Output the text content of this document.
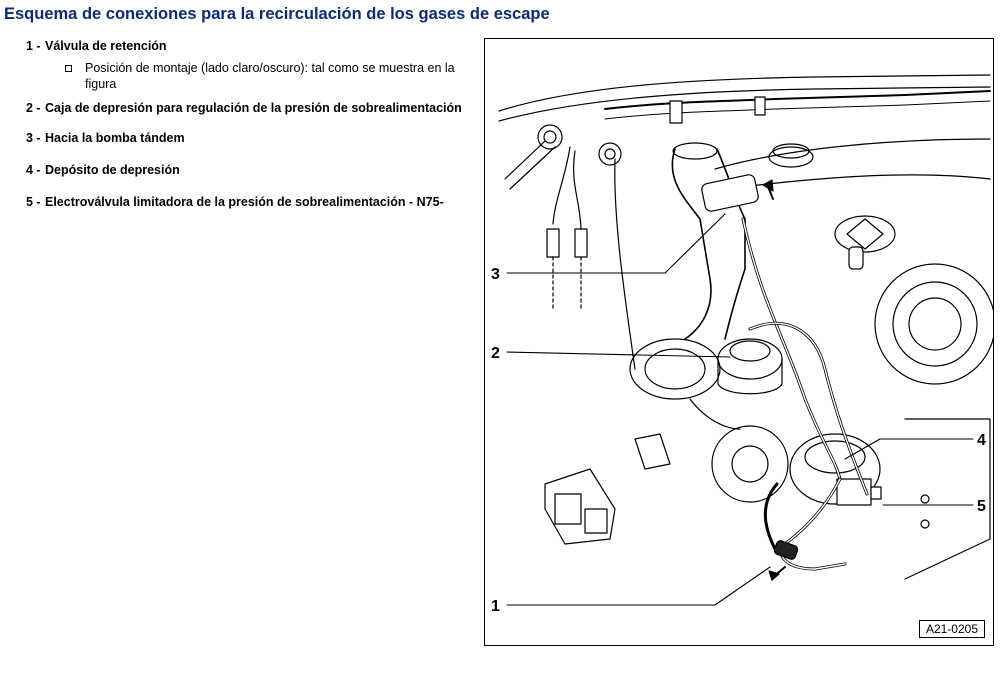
Esquema de conexiones para la recirculación de los gases de escape
1 - Válvula de retención
Posición de montaje (lado claro/oscuro): tal como se muestra en la figura
2 - Caja de depresión para regulación de la presión de sobrealimentación
3 - Hacia la bomba tándem
4 - Depósito de depresión
5 - Electroválvula limitadora de la presión de sobrealimentación - N75-
3
2
4
5
1
A21-0205
